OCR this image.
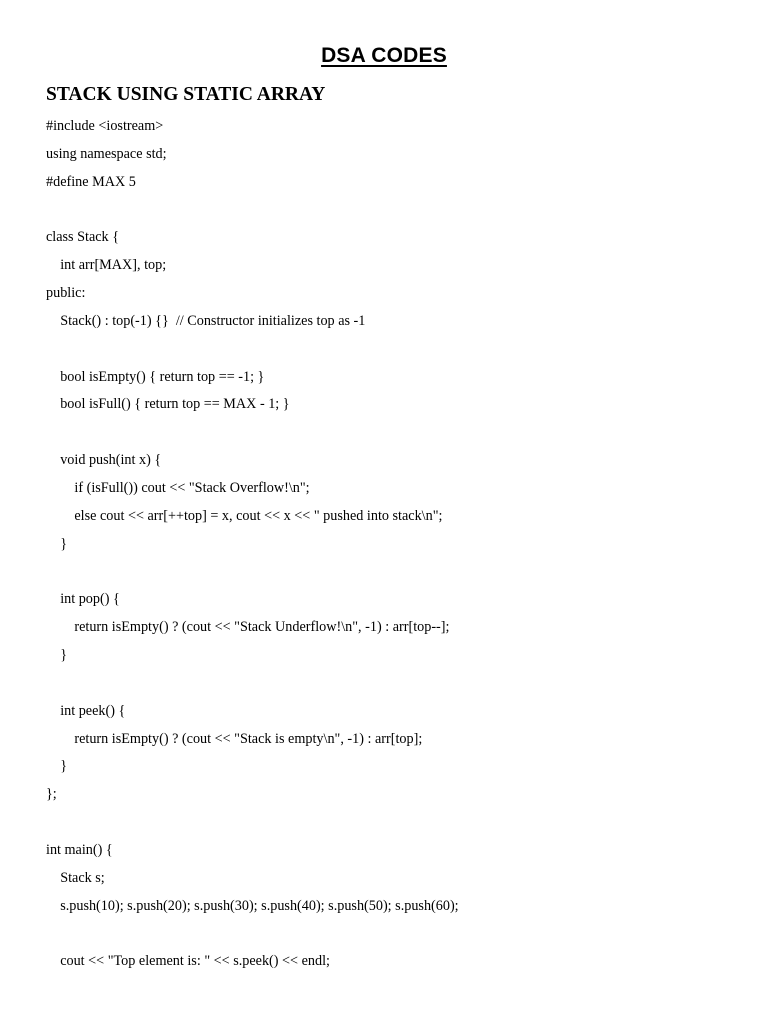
DSA CODES
STACK USING STATIC ARRAY
#include <iostream>
using namespace std;
#define MAX 5
class Stack {
int arr[MAX], top;
public:
Stack() : top(-1) {}  // Constructor initializes top as -1
bool isEmpty() { return top == -1; }
bool isFull() { return top == MAX - 1; }
void push(int x) {
if (isFull()) cout << "Stack Overflow!\n";
else cout << arr[++top] = x, cout << x << " pushed into stack\n";
}
int pop() {
return isEmpty() ? (cout << "Stack Underflow!\n", -1) : arr[top--];
}
int peek() {
return isEmpty() ? (cout << "Stack is empty\n", -1) : arr[top];
}
};
int main() {
Stack s;
s.push(10); s.push(20); s.push(30); s.push(40); s.push(50); s.push(60);
cout << "Top element is: " << s.peek() << endl;
